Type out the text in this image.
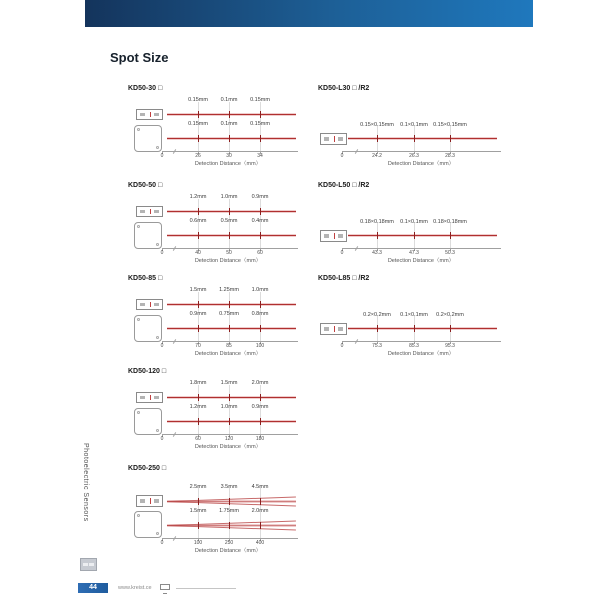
Spot Size
KD50-30 □
0.15mm	0.1mm	0.15mm
0.15mm	0.1mm	0.15mm
0	26	30	34
Detection Distance（mm）
KD50-L30 □ /R2
0.15×0.15mm	0.1×0.1mm 0.15×0.15mm
0	24.2	26.3	28.3
Detection Distance（mm）
KD50-50 □
1.2mm	1.0mm	0.9mm
0.6mm	0.5mm	0.4mm
0	40	50	60
Detection Distance（mm）
KD50-L50 □ /R2
0.18×0.18mm	0.1×0.1mm 0.18×0.18mm
0	43.3	47.3	50.3
Detection Distance（mm）
KD50-85 □
1.5mm	1.25mm	1.0mm
0.9mm	0.75mm	0.8mm
0	70	85	100
Detection Distance（mm）
KD50-L85 □ /R2
0.2×0.2mm	0.1×0.1mm	0.2×0.2mm
0	75.3	85.3	95.3
Detection Distance（mm）
KD50-120 □
1.8mm	1.5mm	2.0mm
1.2mm	1.0mm	0.9mm
0	60	120	180
Detection Distance（mm）
KD50-250 □
2.5mm	3.5mm	4.5mm
1.5mm	1.75mm	2.0mm
0	100	250	400
Detection Distance（mm）
Photoelectric Sensors
44	www.kreist.ce
